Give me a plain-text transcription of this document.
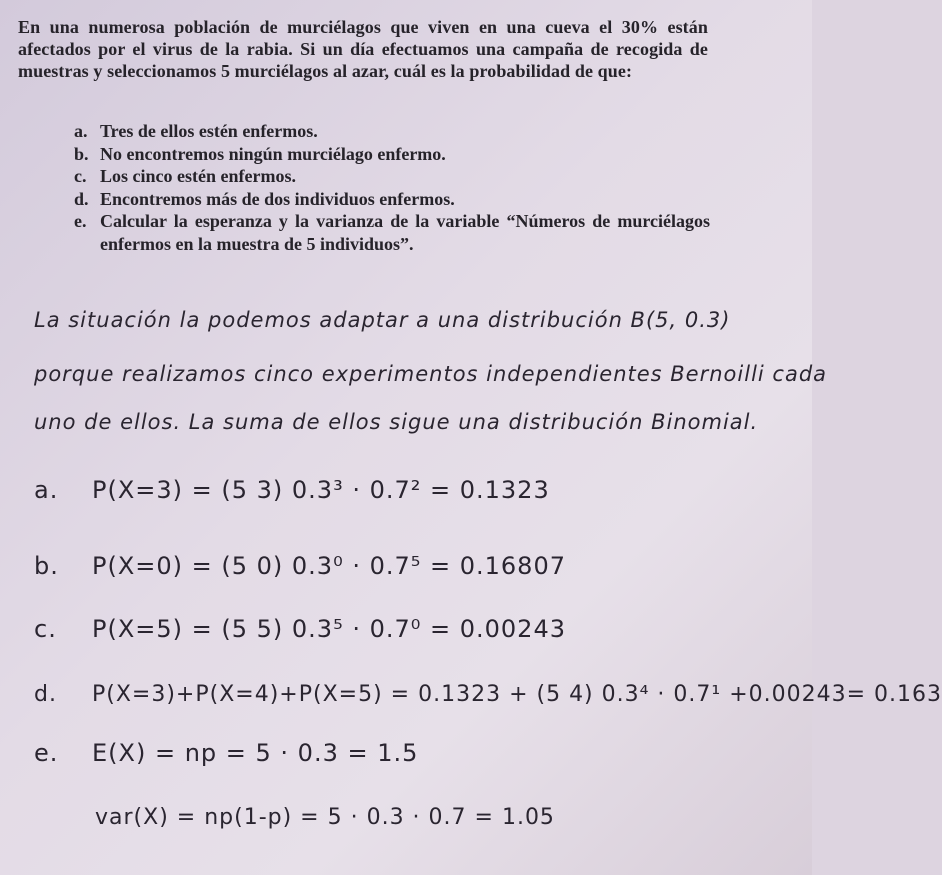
En una numerosa población de murciélagos que viven en una cueva el 30% están afectados por el virus de la rabia. Si un día efectuamos una campaña de recogida de muestras y seleccionamos 5 murciélagos al azar, cuál es la probabilidad de que:

a. Tres de ellos estén enfermos.
b. No encontremos ningún murciélago enfermo.
c. Los cinco estén enfermos.
d. Encontremos más de dos individuos enfermos.
e. Calcular la esperanza y la varianza de la variable “Números de murciélagos enfermos en la muestra de 5 individuos”.
La situación la podemos adaptar a una distribución B(5, 0.3)
porque realizamos cinco experimentos independientes Bernoilli cada
uno de ellos. La suma de ellos sigue una distribución Binomial.
a. P(X=3) = (5 3) 0.3³ · 0.7² = 0.1323
b. P(X=0) = (5 0) 0.3⁰ · 0.7⁵ = 0.16807
c. P(X=5) = (5 5) 0.3⁵ · 0.7⁰ = 0.00243
d. P(X=3)+P(X=4)+P(X=5) = 0.1323 + (5 4) 0.3⁴ · 0.7¹ +0.00243= 0.163
e. E(X) = np = 5 · 0.3 = 1.5
var(X) = np(1-p) = 5 · 0.3 · 0.7 = 1.05
